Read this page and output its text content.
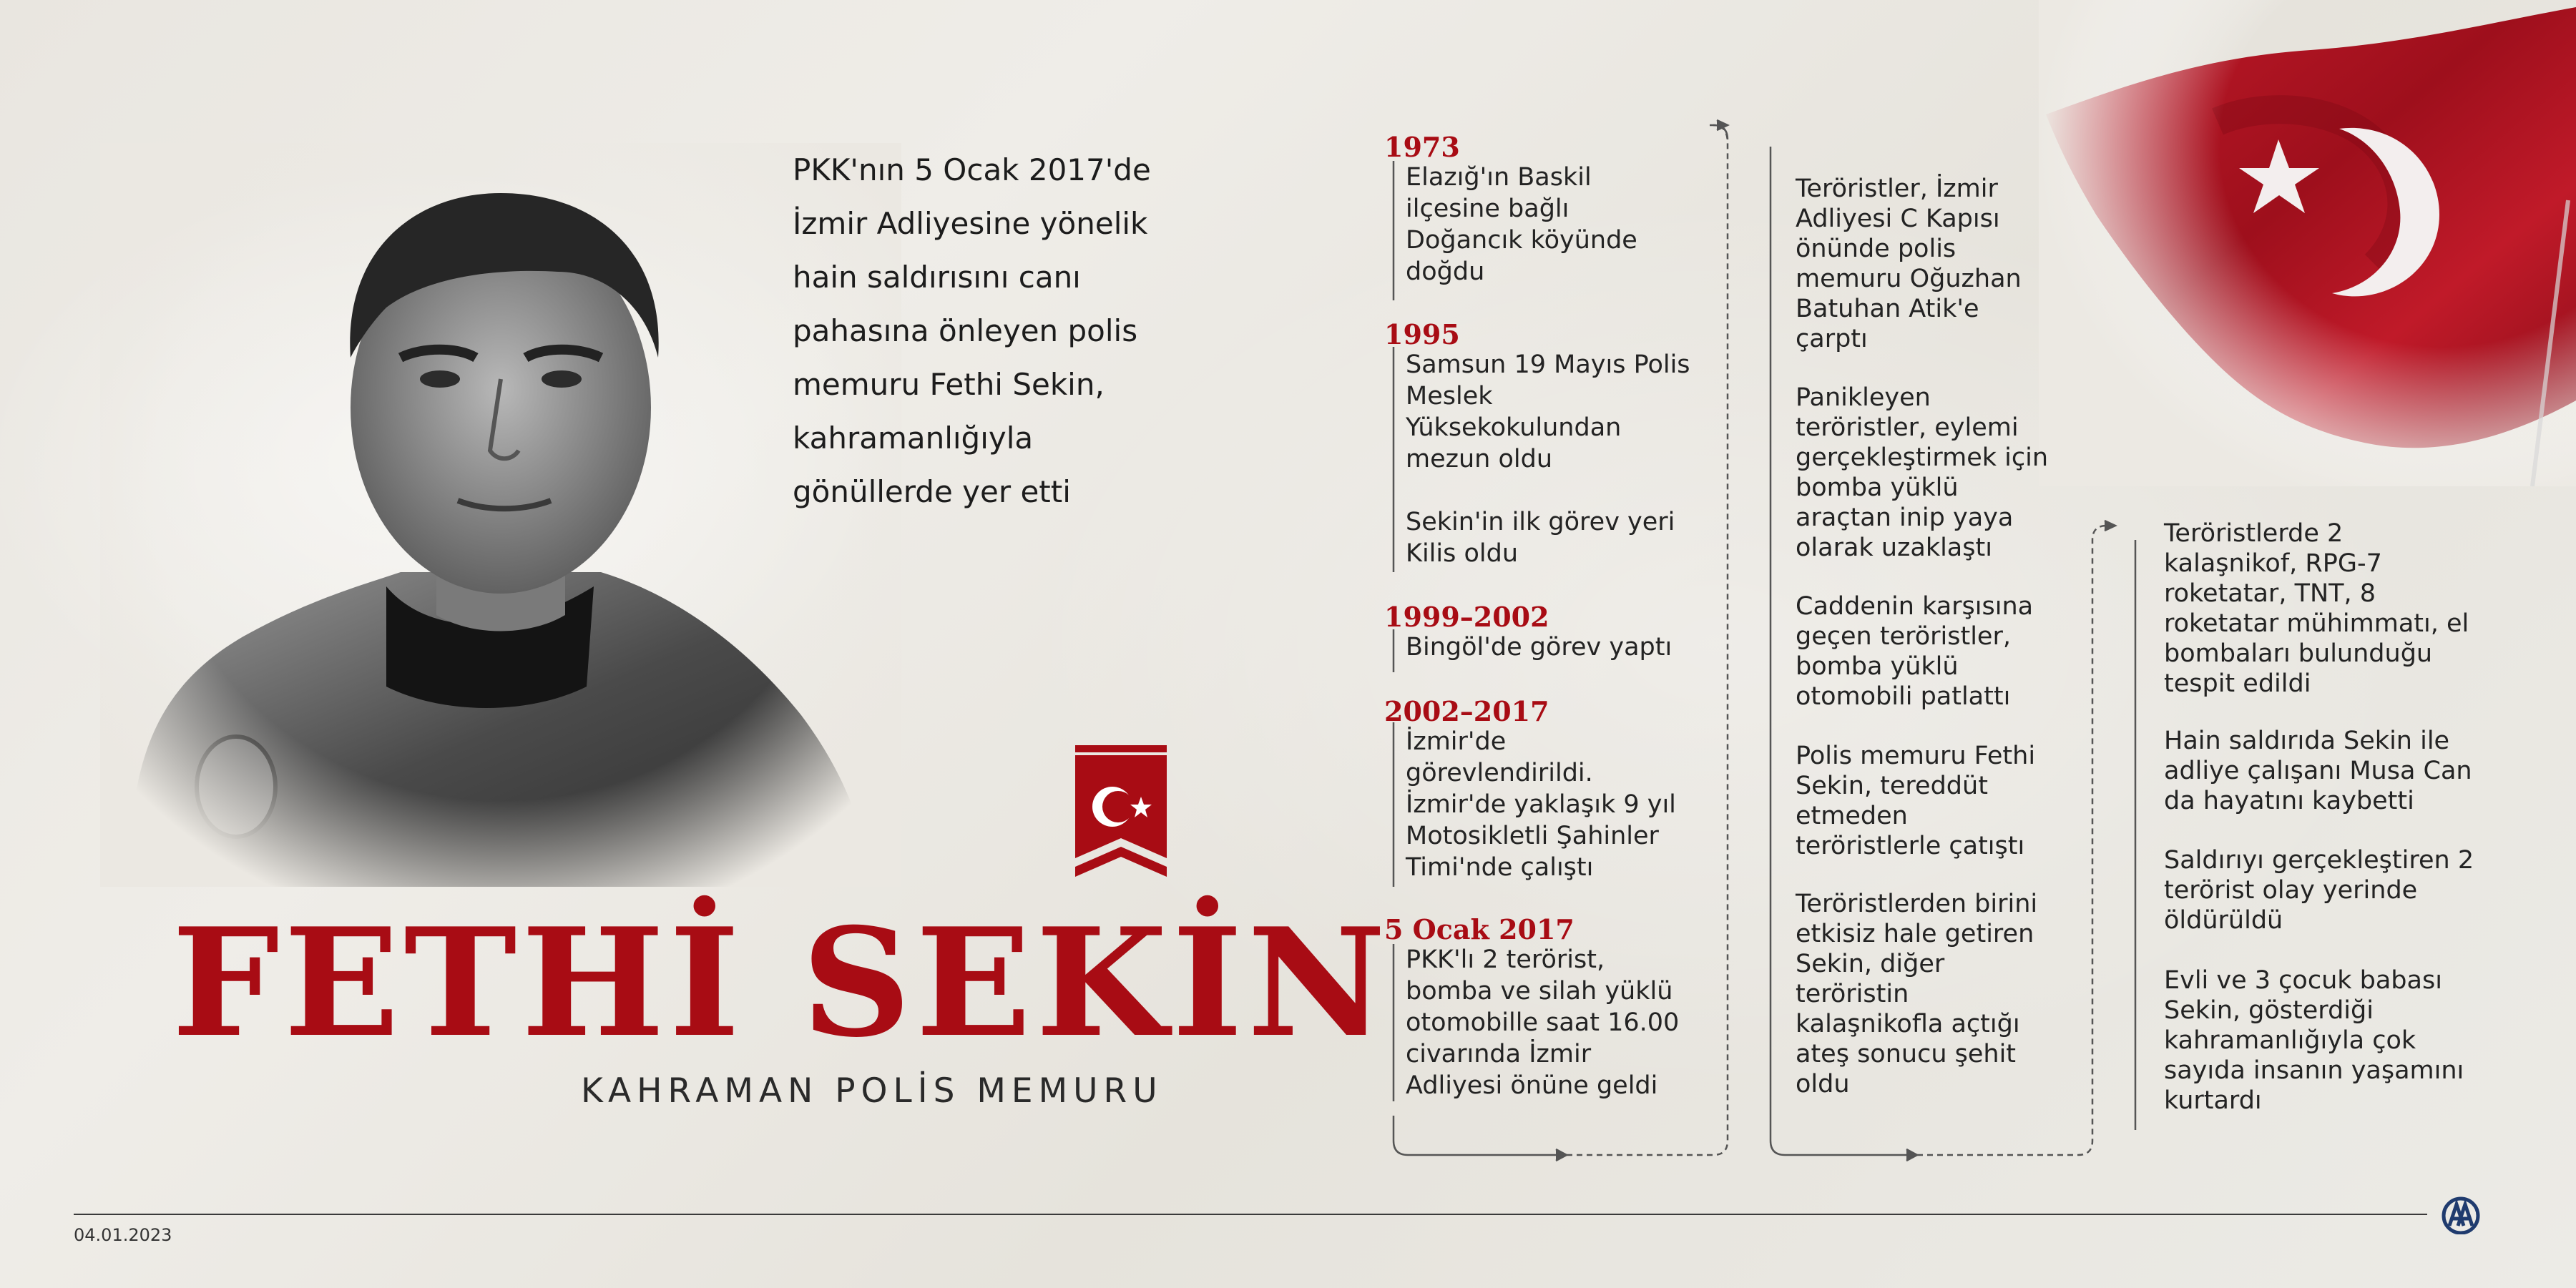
PKK'nın 5 Ocak 2017'de
İzmir Adliyesine yönelik
hain saldırısını canı
pahasına önleyen polis
memuru Fethi Sekin,
kahramanlığıyla
gönüllerde yer etti
FETHİ SEKİN
KAHRAMAN POLİS MEMURU
1973
Elazığ'ın Baskil
ilçesine bağlı
Doğancık köyünde
doğdu
1995
Samsun 19 Mayıs Polis
Meslek
Yüksekokulundan
mezun oldu

Sekin'in ilk görev yeri
Kilis oldu
1999–2002
Bingöl'de görev yaptı
2002–2017
İzmir'de
görevlendirildi.
İzmir'de yaklaşık 9 yıl
Motosikletli Şahinler
Timi'nde çalıştı
5 Ocak 2017
PKK'lı 2 terörist,
bomba ve silah yüklü
otomobille saat 16.00
civarında İzmir
Adliyesi önüne geldi
Teröristler, İzmir
Adliyesi C Kapısı
önünde polis
memuru Oğuzhan
Batuhan Atik'e
çarptı
Panikleyen
teröristler, eylemi
gerçekleştirmek için
bomba yüklü
araçtan inip yaya
olarak uzaklaştı
Caddenin karşısına
geçen teröristler,
bomba yüklü
otomobili patlattı
Polis memuru Fethi
Sekin, tereddüt
etmeden
teröristlerle çatıştı
Teröristlerden birini
etkisiz hale getiren
Sekin, diğer
teröristin
kalaşnikofla açtığı
ateş sonucu şehit
oldu
Teröristlerde 2
kalaşnikof, RPG-7
roketatar, TNT, 8
roketatar mühimmatı, el
bombaları bulunduğu
tespit edildi
Hain saldırıda Sekin ile
adliye çalışanı Musa Can
da hayatını kaybetti
Saldırıyı gerçekleştiren 2
terörist olay yerinde
öldürüldü
Evli ve 3 çocuk babası
Sekin, gösterdiği
kahramanlığıyla çok
sayıda insanın yaşamını
kurtardı
04.01.2023
